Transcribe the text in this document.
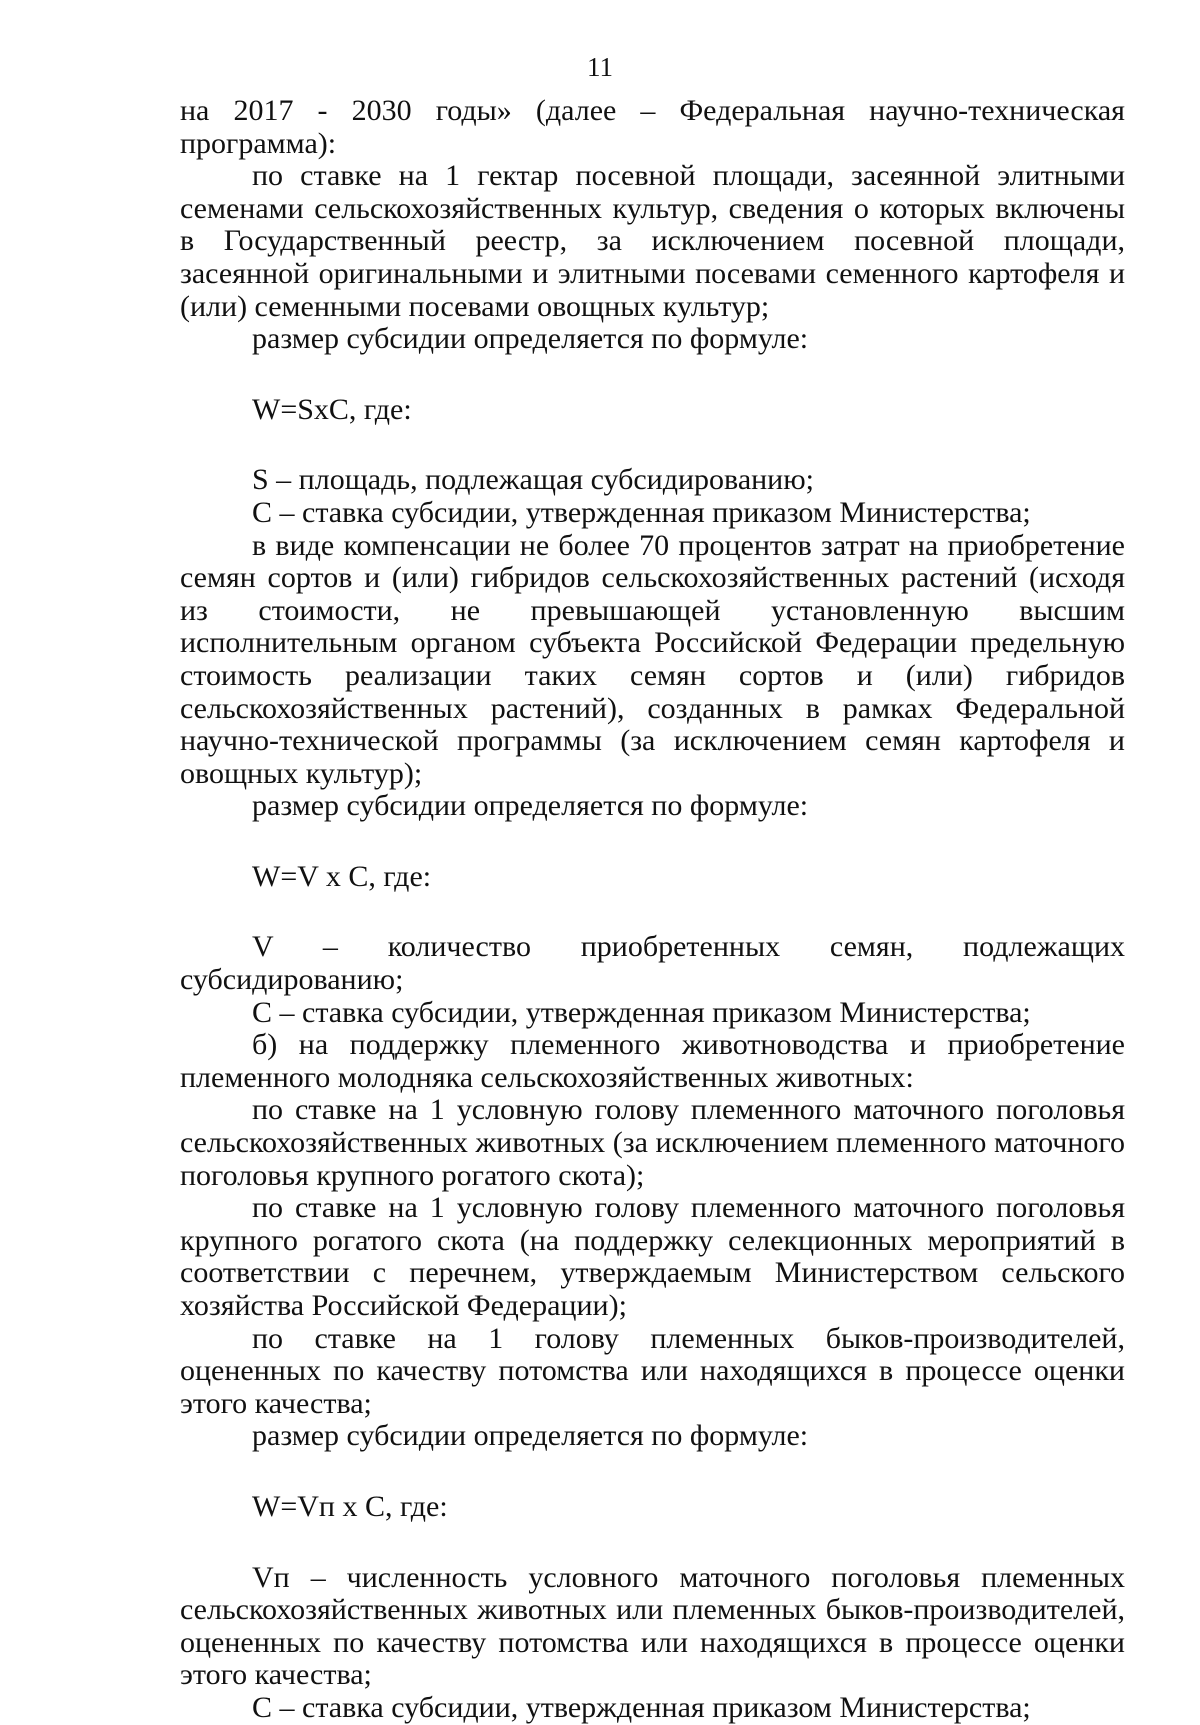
11

на 2017 - 2030 годы» (далее – Федеральная научно-техническая программа):

по ставке на 1 гектар посевной площади, засеянной элитными семенами сельскохозяйственных культур, сведения о которых включены в Государственный реестр, за исключением посевной площади, засеянной оригинальными и элитными посевами семенного картофеля и (или) семенными посевами овощных культур;

размер субсидии определяется по формуле:

W=SxC, где:

S – площадь, подлежащая субсидированию;

C – ставка субсидии, утвержденная приказом Министерства;

в виде компенсации не более 70 процентов затрат на приобретение семян сортов и (или) гибридов сельскохозяйственных растений (исходя из стоимости, не превышающей установленную высшим исполнительным органом субъекта Российской Федерации предельную стоимость реализации таких семян сортов и (или) гибридов сельскохозяйственных растений), созданных в рамках Федеральной научно-технической программы (за исключением семян картофеля и овощных культур);

размер субсидии определяется по формуле:

W=V x C, где:

V – количество приобретенных семян, подлежащих субсидированию;

C – ставка субсидии, утвержденная приказом Министерства;

б) на поддержку племенного животноводства и приобретение племенного молодняка сельскохозяйственных животных:

по ставке на 1 условную голову племенного маточного поголовья сельскохозяйственных животных (за исключением племенного маточного поголовья крупного рогатого скота);

по ставке на 1 условную голову племенного маточного поголовья крупного рогатого скота (на поддержку селекционных мероприятий в соответствии с перечнем, утверждаемым Министерством сельского хозяйства Российской Федерации);

по ставке на 1 голову племенных быков-производителей, оцененных по качеству потомства или находящихся в процессе оценки этого качества;

размер субсидии определяется по формуле:

W=Vп x C, где:

Vп – численность условного маточного поголовья племенных сельскохозяйственных животных или племенных быков-производителей, оцененных по качеству потомства или находящихся в процессе оценки этого качества;

C – ставка субсидии, утвержденная приказом Министерства;
